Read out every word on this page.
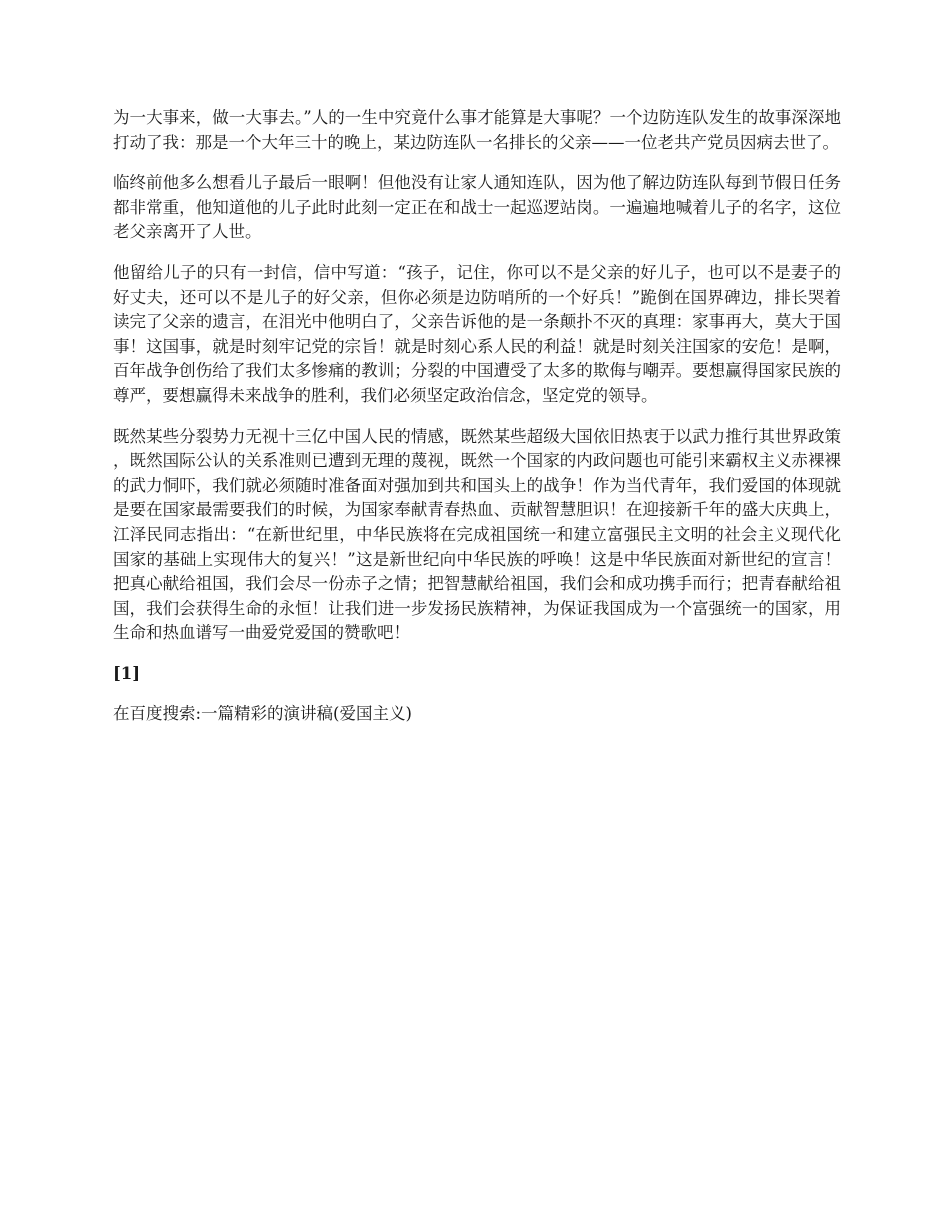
为一大事来，做一大事去。”人的一生中究竟什么事才能算是大事呢？一个边防连队发生的故事深深地打动了我：那是一个大年三十的晚上，某边防连队一名排长的父亲——一位老共产党员因病去世了。

临终前他多么想看儿子最后一眼啊！但他没有让家人通知连队，因为他了解边防连队每到节假日任务都非常重，他知道他的儿子此时此刻一定正在和战士一起巡逻站岗。一遍遍地喊着儿子的名字，这位老父亲离开了人世。

他留给儿子的只有一封信，信中写道：“孩子，记住，你可以不是父亲的好儿子，也可以不是妻子的好丈夫，还可以不是儿子的好父亲，但你必须是边防哨所的一个好兵！”跪倒在国界碑边，排长哭着读完了父亲的遗言，在泪光中他明白了，父亲告诉他的是一条颠扑不灭的真理：家事再大，莫大于国事！这国事，就是时刻牢记党的宗旨！就是时刻心系人民的利益！就是时刻关注国家的安危！是啊，百年战争创伤给了我们太多惨痛的教训；分裂的中国遭受了太多的欺侮与嘲弄。要想赢得国家民族的尊严，要想赢得未来战争的胜利，我们必须坚定政治信念，坚定党的领导。

既然某些分裂势力无视十三亿中国人民的情感，既然某些超级大国依旧热衷于以武力推行其世界政策，既然国际公认的关系准则已遭到无理的蔑视，既然一个国家的内政问题也可能引来霸权主义赤裸裸的武力恫吓，我们就必须随时准备面对强加到共和国头上的战争！作为当代青年，我们爱国的体现就是要在国家最需要我们的时候，为国家奉献青春热血、贡献智慧胆识！在迎接新千年的盛大庆典上，江泽民同志指出：“在新世纪里，中华民族将在完成祖国统一和建立富强民主文明的社会主义现代化国家的基础上实现伟大的复兴！”这是新世纪向中华民族的呼唤！这是中华民族面对新世纪的宣言！把真心献给祖国，我们会尽一份赤子之情；把智慧献给祖国，我们会和成功携手而行；把青春献给祖国，我们会获得生命的永恒！让我们进一步发扬民族精神，为保证我国成为一个富强统一的国家，用生命和热血谱写一曲爱党爱国的赞歌吧！

[1]

在百度搜索:一篇精彩的演讲稿(爱国主义)
